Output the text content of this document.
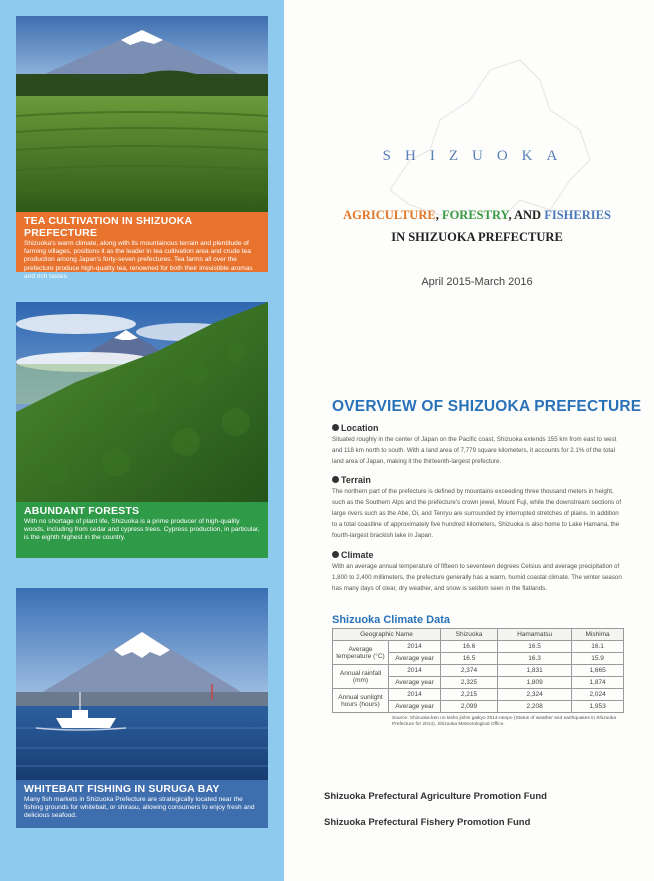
TEA CULTIVATION IN SHIZUOKA PREFECTURE
Shizuoka's warm climate, along with its mountainous terrain and plentitude of farming villages, positions it as the leader in tea cultivation area and crude tea production among Japan's forty-seven prefectures. Tea farms all over the prefecture produce high-quality tea, renowned for both their irresistible aromas and rich tastes.
ABUNDANT FORESTS
With no shortage of plant life, Shizuoka is a prime producer of high-quality woods, including from cedar and cypress trees. Cypress production, in particular, is the eighth highest in the country.
WHITEBAIT FISHING IN SURUGA BAY
Many fish markets in Shizuoka Prefecture are strategically located near the fishing grounds for whitebait, or shirasu, allowing consumers to enjoy fresh and delicious seafood.
SHIZUOKA
AGRICULTURE, FORESTRY, AND FISHERIES
IN SHIZUOKA PREFECTURE
April 2015-March 2016
OVERVIEW OF SHIZUOKA PREFECTURE
Location
Situated roughly in the center of Japan on the Pacific coast, Shizuoka extends 155 km from east to west and 118 km north to south. With a land area of 7,779 square kilometers, it accounts for 2.1% of the total land area of Japan, making it the thirteenth-largest prefecture.
Terrain
The northern part of the prefecture is defined by mountains exceeding three thousand meters in height, such as the Southern Alps and the prefecture's crown jewel, Mount Fuji, while the downstream sections of large rivers such as the Abe, Oi, and Tenryu are surrounded by interrupted stretches of plains. In addition to a total coastline of approximately five hundred kilometers, Shizuoka is also home to Lake Hamana, the fourth-largest brackish lake in Japan.
Climate
With an average annual temperature of fifteen to seventeen degrees Celsius and average precipitation of 1,800 to 2,400 millimeters, the prefecture generally has a warm, humid coastal climate. The winter season has many days of clear, dry weather, and snow is seldom seen in the flatlands.
Shizuoka Climate Data
Geographic Name		Shizuoka	Hamamatsu	Mishima
Average temperature (°C)	2014	16.6	16.5	16.1
	Average year	16.5	16.3	15.9
Annual rainfall (mm)	2014	2,374	1,831	1,665
	Average year	2,325	1,809	1,874
Annual sunlight hours (hours)	2014	2,215	2,324	2,024
	Average year	2,099	2,208	1,953
Source: Shizuoka-ken no kisho jishin gaikyo 2014-nenpo (Status of weather and earthquakes in Shizuoka Prefecture for 2014), Shizuoka Meteorological Office.
Shizuoka Prefectural Agriculture Promotion Fund
Shizuoka Prefectural Fishery Promotion Fund
